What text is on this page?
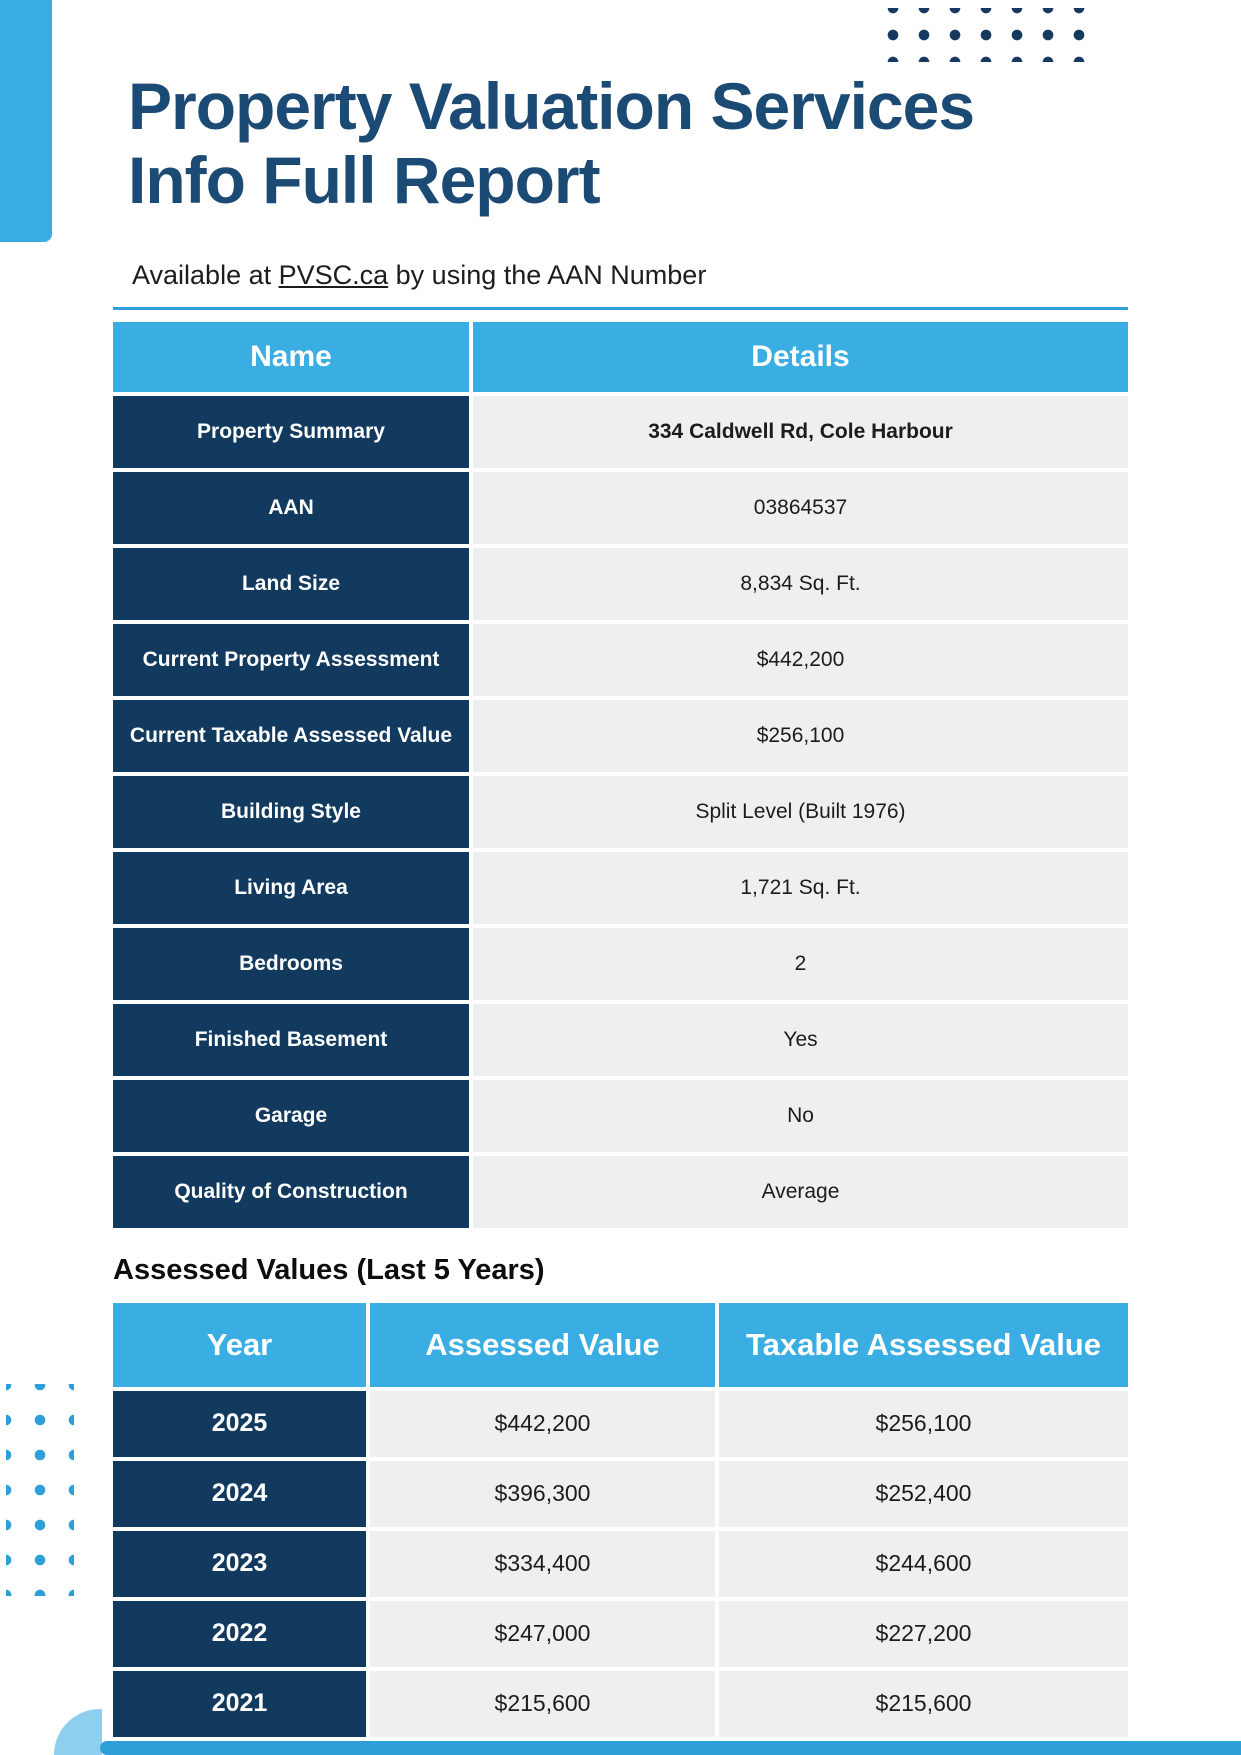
Property Valuation Services
Info Full Report

Available at PVSC.ca by using the AAN Number

Name	Details
Property Summary	334 Caldwell Rd, Cole Harbour
AAN	03864537
Land Size	8,834 Sq. Ft.
Current Property Assessment	$442,200
Current Taxable Assessed Value	$256,100
Building Style	Split Level (Built 1976)
Living Area	1,721 Sq. Ft.
Bedrooms	2
Finished Basement	Yes
Garage	No
Quality of Construction	Average
Assessed Values (Last 5 Years)
Year	Assessed Value	Taxable Assessed Value
2025	$442,200	$256,100
2024	$396,300	$252,400
2023	$334,400	$244,600
2022	$247,000	$227,200
2021	$215,600	$215,600
